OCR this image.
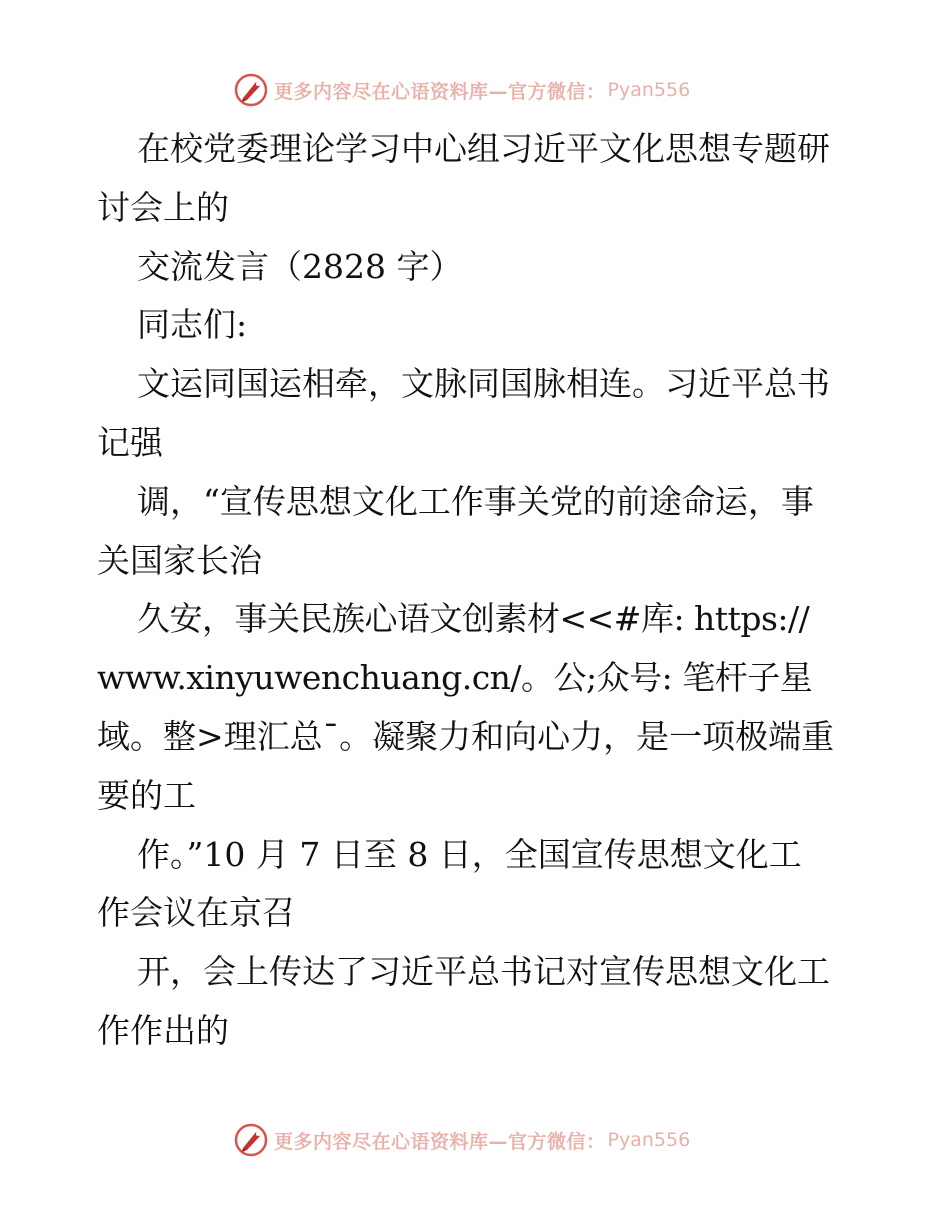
更多内容尽在心语资料库—官方微信： Pyan556
在校党委理论学习中心组习近平文化思想专题研
讨会上的
交流发言（2828 字）
同志们:
文运同国运相牵，文脉同国脉相连。习近平总书
记强
调，“宣传思想文化工作事关党的前途命运，事
关国家长治
久安，事关民族心语文创素材<<#库: https://
www.xinyuwenchuang.cn/。公;众号: 笔杆子星
域。整>理汇总¯。凝聚力和向心力，是一项极端重
要的工
作。”10 月 7 日至 8 日，全国宣传思想文化工
作会议在京召
开，会上传达了习近平总书记对宣传思想文化工
作作出的
更多内容尽在心语资料库—官方微信： Pyan556
